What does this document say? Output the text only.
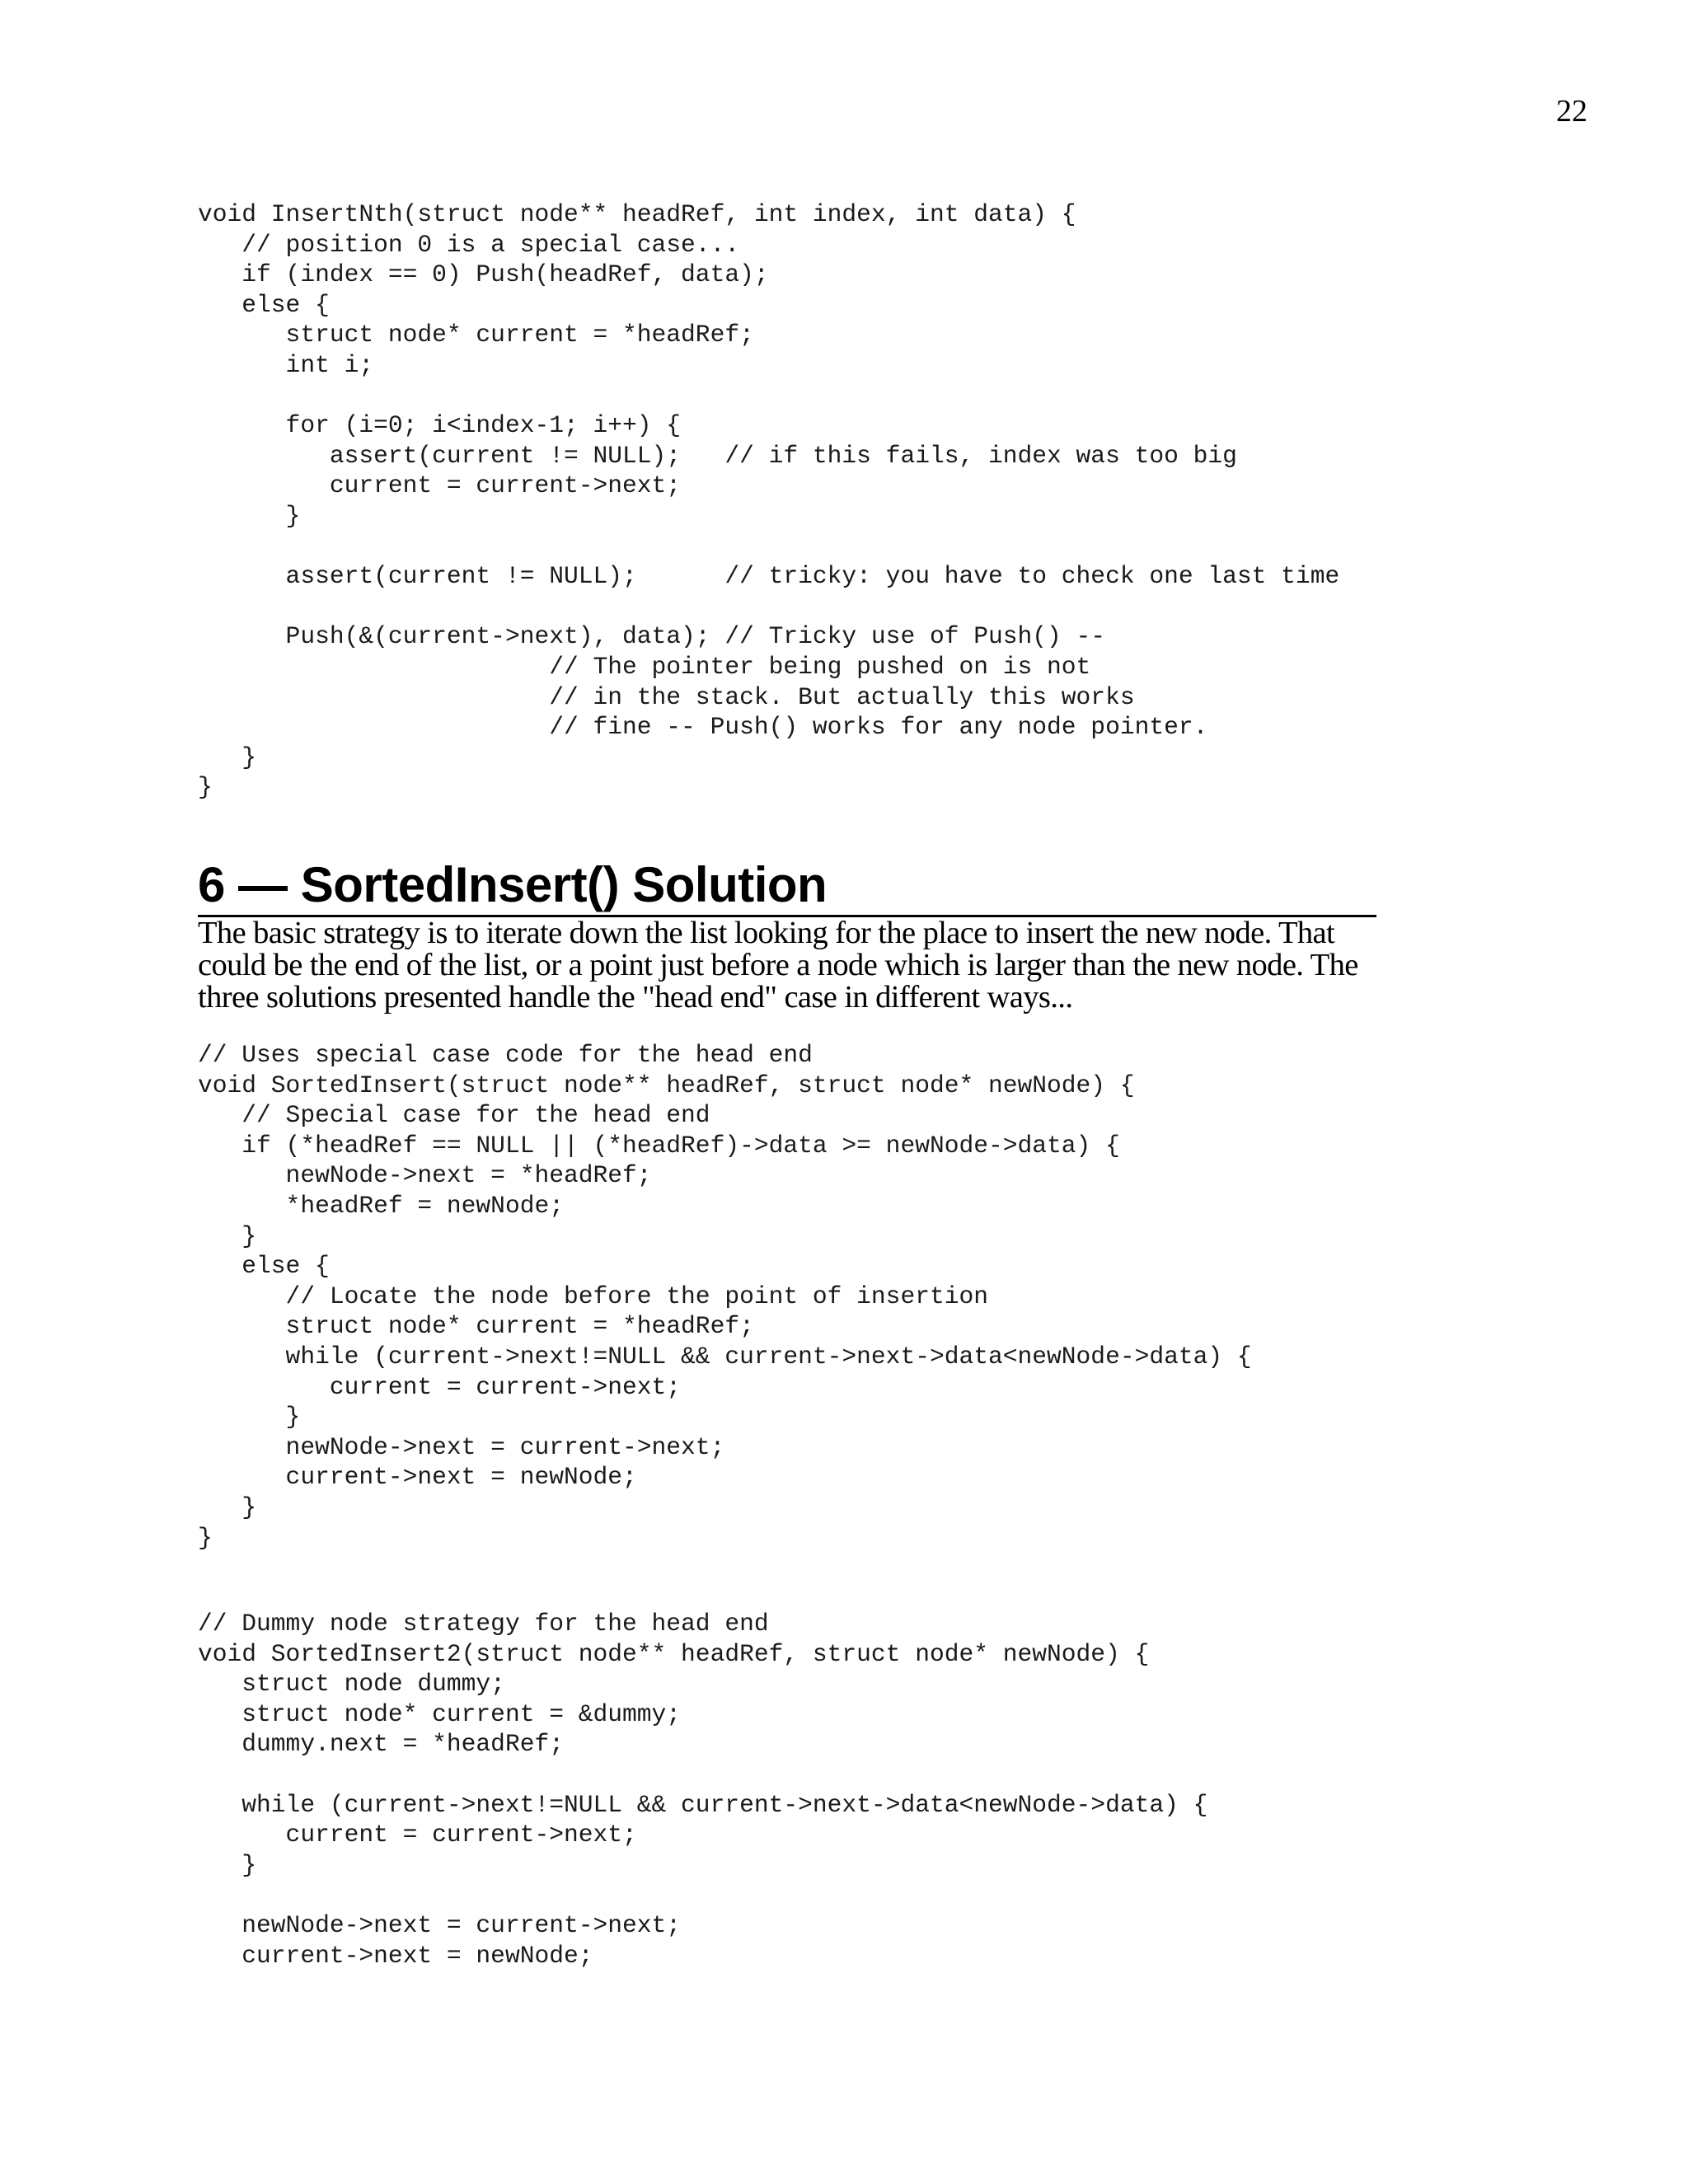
22
void InsertNth(struct node** headRef, int index, int data) {
// position 0 is a special case...
if (index == 0) Push(headRef, data);
else {
struct node* current = *headRef;
int i;

for (i=0; i<index-1; i++) {
assert(current != NULL);   // if this fails, index was too big
current = current->next;
}

assert(current != NULL);      // tricky: you have to check one last time

Push(&(current->next), data); // Tricky use of Push() --
// The pointer being pushed on is not
// in the stack. But actually this works
// fine -- Push() works for any node pointer.
}
}
6 — SortedInsert() Solution

The basic strategy is to iterate down the list looking for the place to insert the new node. That could be the end of the list, or a point just before a node which is larger than the new node. The three solutions presented handle the "head end" case in different ways...

// Uses special case code for the head end
void SortedInsert(struct node** headRef, struct node* newNode) {
// Special case for the head end
if (*headRef == NULL || (*headRef)->data >= newNode->data) {
newNode->next = *headRef;
*headRef = newNode;
}
else {
// Locate the node before the point of insertion
struct node* current = *headRef;
while (current->next!=NULL && current->next->data<newNode->data) {
current = current->next;
}
newNode->next = current->next;
current->next = newNode;
}
}
// Dummy node strategy for the head end
void SortedInsert2(struct node** headRef, struct node* newNode) {
struct node dummy;
struct node* current = &dummy;
dummy.next = *headRef;

while (current->next!=NULL && current->next->data<newNode->data) {
current = current->next;
}

newNode->next = current->next;
current->next = newNode;
